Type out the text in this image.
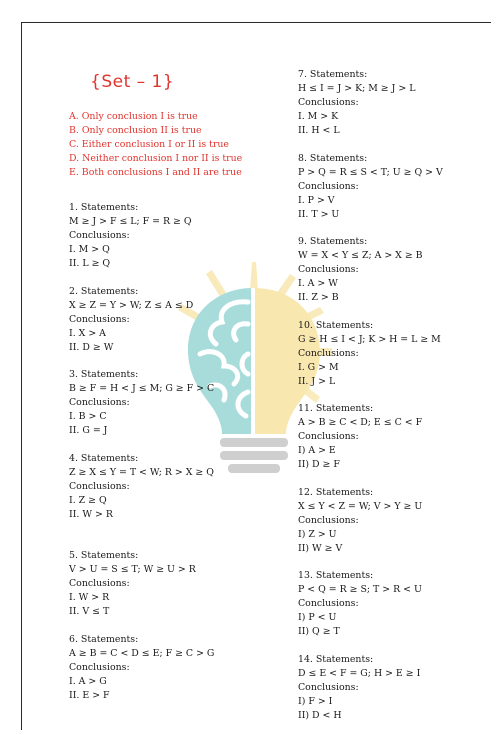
{Set – 1}
A. Only conclusion I is true
B. Only conclusion II is true
C. Either conclusion I or II is true
D. Neither conclusion I nor II is true
E. Both conclusions I and II are true
1. Statements:
M ≥ J > F ≤ L; F = R ≥ Q
Conclusions:
I. M > Q
II. L ≥ Q
2. Statements:
X ≥ Z = Y > W; Z ≤ A ≤ D
Conclusions:
I. X > A
II. D ≥ W
3. Statements:
B ≥ F = H < J ≤ M; G ≥ F > C
Conclusions:
I. B > C
II. G = J
4. Statements:
Z ≥ X ≤ Y = T < W; R > X ≥ Q
Conclusions:
I. Z ≥ Q
II. W > R
5. Statements:
V > U = S ≤ T; W ≥ U > R
Conclusions:
I. W > R
II. V ≤ T
6. Statements:
A ≥ B = C < D ≤ E; F ≥ C > G
Conclusions:
I. A > G
II. E > F
7. Statements:
H ≤ I = J > K; M ≥ J > L
Conclusions:
I. M > K
II. H < L
8. Statements:
P > Q = R ≤ S < T; U ≥ Q > V
Conclusions:
I. P > V
II. T > U
9. Statements:
W = X < Y ≤ Z; A > X ≥ B
Conclusions:
I. A > W
II. Z > B
10. Statements:
G ≥ H ≤ I < J; K > H = L ≥ M
Conclusions:
I. G > M
II. J > L
11. Statements:
A > B ≥ C < D; E ≤ C < F
Conclusions:
I) A > E
II) D ≥ F
12. Statements:
X ≤ Y < Z = W; V > Y ≥ U
Conclusions:
I) Z > U
II) W ≥ V
13. Statements:
P < Q = R ≥ S; T > R < U
Conclusions:
I) P < U
II) Q ≥ T
14. Statements:
D ≤ E < F = G; H > E ≥ I
Conclusions:
I) F > I
II) D < H
